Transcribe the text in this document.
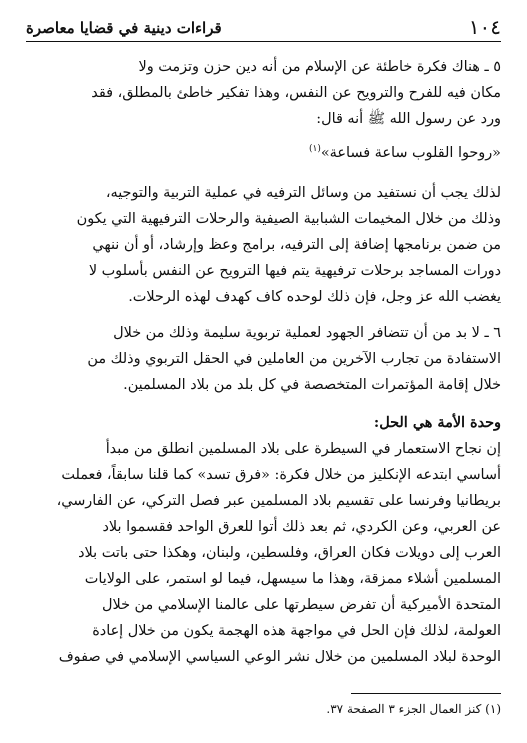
١٠٤
قراءات دينية في قضايا معاصرة

٥ ـ هناك فكرة خاطئة عن الإسلام من أنه دين حزن وتزمت ولا

مكان فيه للفرح والترويح عن النفس، وهذا تفكير خاطئ بالمطلق، فقد

ورد عن رسول الله ﷺ أنه قال:

«روحوا القلوب ساعة فساعة»$^{(١)}$

لذلك يجب أن نستفيد من وسائل الترفيه في عملية التربية والتوجيه،

وذلك من خلال المخيمات الشبابية الصيفية والرحلات الترفيهية التي يكون

من ضمن برنامجها إضافة إلى الترفيه، برامج وعظ وإرشاد، أو أن ننهي

دورات المساجد برحلات ترفيهية يتم فيها الترويح عن النفس بأسلوب لا

يغضب الله عز وجل، فإن ذلك لوحده كاف كهدف لهذه الرحلات.

٦ ـ لا بد من أن تتضافر الجهود لعملية تربوية سليمة وذلك من خلال

الاستفادة من تجارب الآخرين من العاملين في الحقل التربوي وذلك من

خلال إقامة المؤتمرات المتخصصة في كل بلد من بلاد المسلمين.

وحدة الأمة هي الحل:

إن نجاح الاستعمار في السيطرة على بلاد المسلمين انطلق من مبدأ

أساسي ابتدعه الإنكليز من خلال فكرة: «فرق تسد» كما قلنا سابقاً، فعملت

بريطانيا وفرنسا على تقسيم بلاد المسلمين عبر فصل التركي، عن الفارسي،

عن العربي، وعن الكردي، ثم بعد ذلك أتوا للعرق الواحد فقسموا بلاد

العرب إلى دويلات فكان العراق، وفلسطين، ولبنان، وهكذا حتى باتت بلاد

المسلمين أشلاء ممزقة، وهذا ما سيسهل، فيما لو استمر، على الولايات

المتحدة الأميركية أن تفرض سيطرتها على عالمنا الإسلامي من خلال

العولمة، لذلك فإن الحل في مواجهة هذه الهجمة يكون من خلال إعادة

الوحدة لبلاد المسلمين من خلال نشر الوعي السياسي الإسلامي في صفوف

(١) كنز العمال الجزء ٣ الصفحة ٣٧.
